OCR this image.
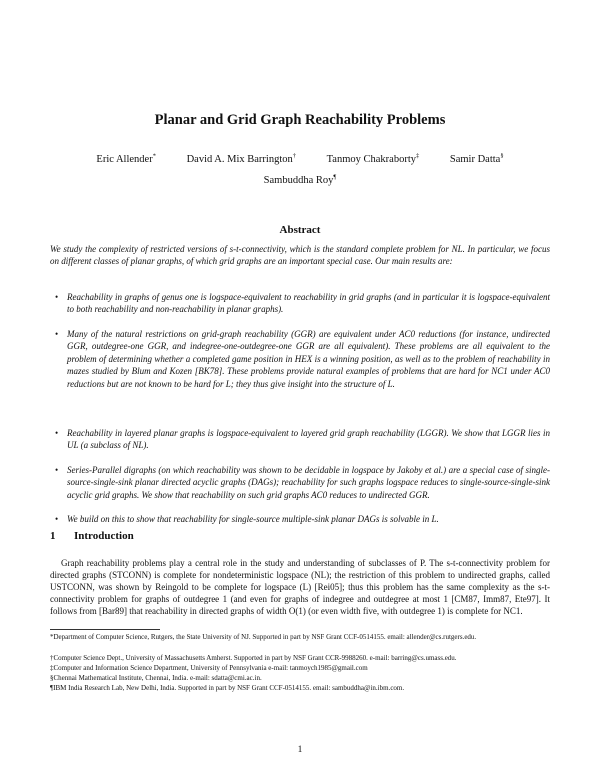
Planar and Grid Graph Reachability Problems
Eric Allender*	David A. Mix Barrington†	Tanmoy Chakraborty‡	Samir Datta§
Sambuddha Roy¶
Abstract

We study the complexity of restricted versions of s-t-connectivity, which is the standard complete problem for NL. In particular, we focus on different classes of planar graphs, of which grid graphs are an important special case. Our main results are:

• Reachability in graphs of genus one is logspace-equivalent to reachability in grid graphs (and in particular it is logspace-equivalent to both reachability and non-reachability in planar graphs).
• Many of the natural restrictions on grid-graph reachability (GGR) are equivalent under AC0 reductions (for instance, undirected GGR, outdegree-one GGR, and indegree-one-outdegree-one GGR are all equivalent). These problems are all equivalent to the problem of determining whether a completed game position in HEX is a winning position, as well as to the problem of reachability in mazes studied by Blum and Kozen [BK78]. These problems provide natural examples of problems that are hard for NC1 under AC0 reductions but are not known to be hard for L; they thus give insight into the structure of L.
• Reachability in layered planar graphs is logspace-equivalent to layered grid graph reachability (LGGR). We show that LGGR lies in UL (a subclass of NL).
• Series-Parallel digraphs (on which reachability was shown to be decidable in logspace by Jakoby et al.) are a special case of single-source-single-sink planar directed acyclic graphs (DAGs); reachability for such graphs logspace reduces to single-source-single-sink acyclic grid graphs. We show that reachability on such grid graphs AC0 reduces to undirected GGR.
• We build on this to show that reachability for single-source multiple-sink planar DAGs is solvable in L.
1 Introduction

Graph reachability problems play a central role in the study and understanding of subclasses of P. The s-t-connectivity problem for directed graphs (STCONN) is complete for nondeterministic logspace (NL); the restriction of this problem to undirected graphs, called USTCONN, was shown by Reingold to be complete for logspace (L) [Rei05]; thus this problem has the same complexity as the s-t-connectivity problem for graphs of outdegree 1 (and even for graphs of indegree and outdegree at most 1 [CM87, Imm87, Ete97]. It follows from [Bar89] that reachability in directed graphs of width O(1) (or even width five, with outdegree 1) is complete for NC1.

*Department of Computer Science, Rutgers, the State University of NJ. Supported in part by NSF Grant CCF-0514155. email: allender@cs.rutgers.edu.
†Computer Science Dept., University of Massachusetts Amherst. Supported in part by NSF Grant CCR-9988260. e-mail: barring@cs.umass.edu.
‡Computer and Information Science Department, University of Pennsylvania e-mail: tanmoych1985@gmail.com
§Chennai Mathematical Institute, Chennai, India. e-mail: sdatta@cmi.ac.in.
¶IBM India Research Lab, New Delhi, India. Supported in part by NSF Grant CCF-0514155. email: sambuddha@in.ibm.com.
1
